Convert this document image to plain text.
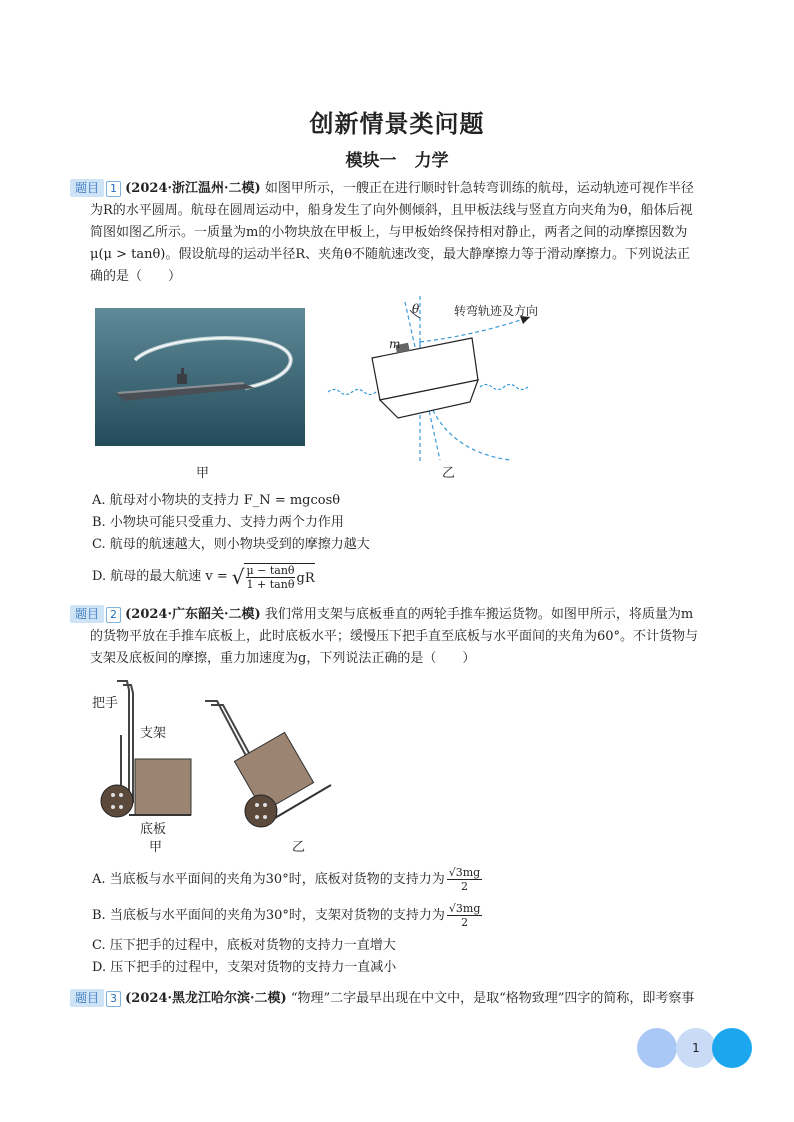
创新情景类问题
模块一 力学
题目 1 (2024·浙江温州·二模) 如图甲所示，一艘正在进行顺时针急转弯训练的航母，运动轨迹可视作半径
为R的水平圆周。航母在圆周运动中，船身发生了向外侧倾斜，且甲板法线与竖直方向夹角为θ，船体后视
简图如图乙所示。一质量为m的小物块放在甲板上，与甲板始终保持相对静止，两者之间的动摩擦因数为
μ(μ > tanθ)。假设航母的运动半径R、夹角θ不随航速改变，最大静摩擦力等于滑动摩擦力。下列说法正
确的是（　　）
甲
θ
m
转弯轨迹及方向
乙
A. 航母对小物块的支持力 F_N = mgcosθ
B. 小物块可能只受重力、支持力两个力作用
C. 航母的航速越大，则小物块受到的摩擦力越大
D. 航母的最大航速 v = √ μ − tanθ
1 + tanθ gR
题目 2 (2024·广东韶关·二模) 我们常用支架与底板垂直的两轮手推车搬运货物。如图甲所示，将质量为m
的货物平放在手推车底板上，此时底板水平；缓慢压下把手直至底板与水平面间的夹角为60°。不计货物与
支架及底板间的摩擦，重力加速度为g，下列说法正确的是（　　）
把手
支架
底板
甲	乙
A. 当底板与水平面间的夹角为30°时，底板对货物的支持力为 √3mg
2
B. 当底板与水平面间的夹角为30°时，支架对货物的支持力为 √3mg
2
C. 压下把手的过程中，底板对货物的支持力一直增大
D. 压下把手的过程中，支架对货物的支持力一直减小
题目 3 (2024·黑龙江哈尔滨·二模) “物理”二字最早出现在中文中，是取“格物致理”四字的简称，即考察事
1
